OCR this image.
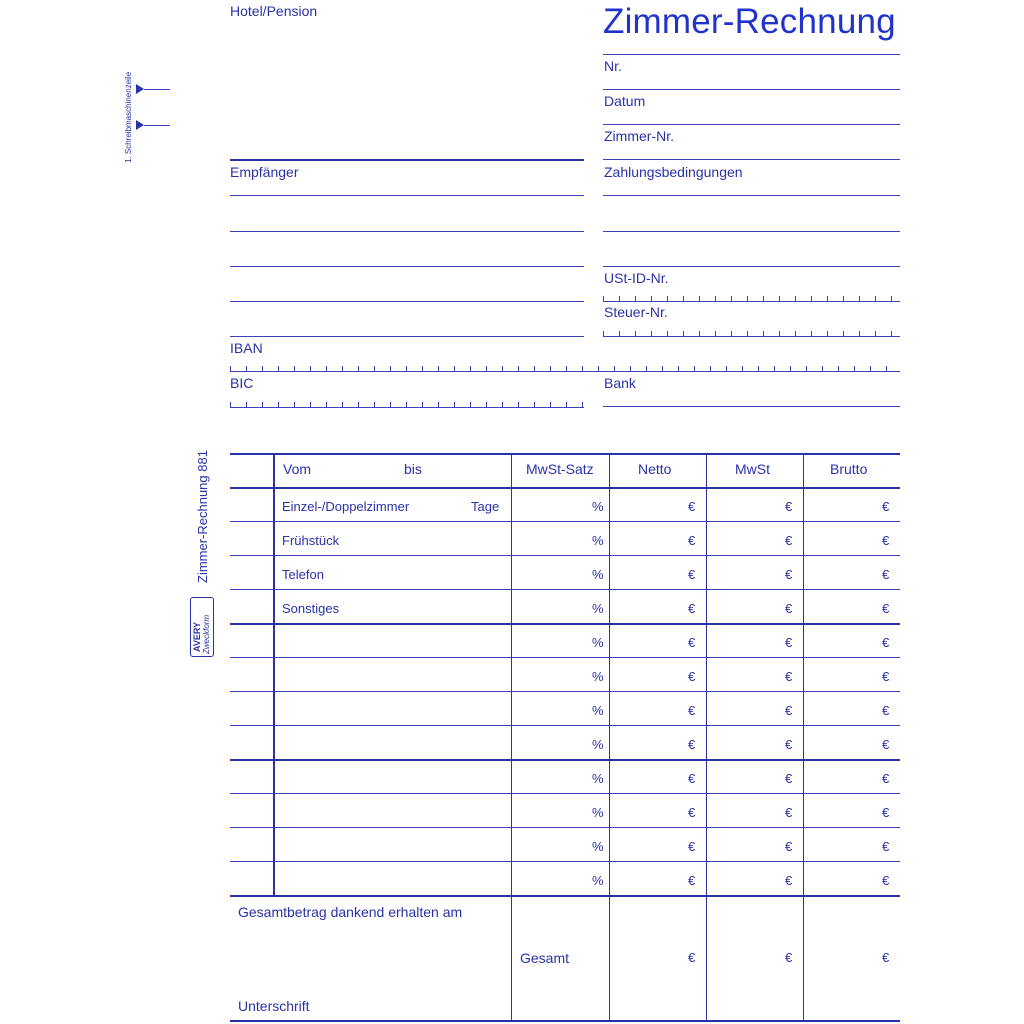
Hotel/Pension	Zimmer-Rechnung
1. Schreibmaschinenzeile
Nr.
Datum
Zimmer-Nr.
Zahlungsbedingungen
USt-ID-Nr.
Steuer-Nr.
Empfänger
IBAN
BIC	Bank
Zimmer-Rechnung 881
AVERY Zweckform
Vom	bis	MwSt-Satz	Netto	MwSt	Brutto
Gesamtbetrag dankend erhalten am
Unterschrift
Gesamt	€	€	€
Einzel-/Doppelzimmer	Tage	%	€	€	€
Frühstück	%	€	€	€
Telefon	%	€	€	€
Sonstiges	%	€	€	€
%	€	€	€
%	€	€	€
%	€	€	€
%	€	€	€
%	€	€	€
%	€	€	€
%	€	€	€
%	€	€	€
